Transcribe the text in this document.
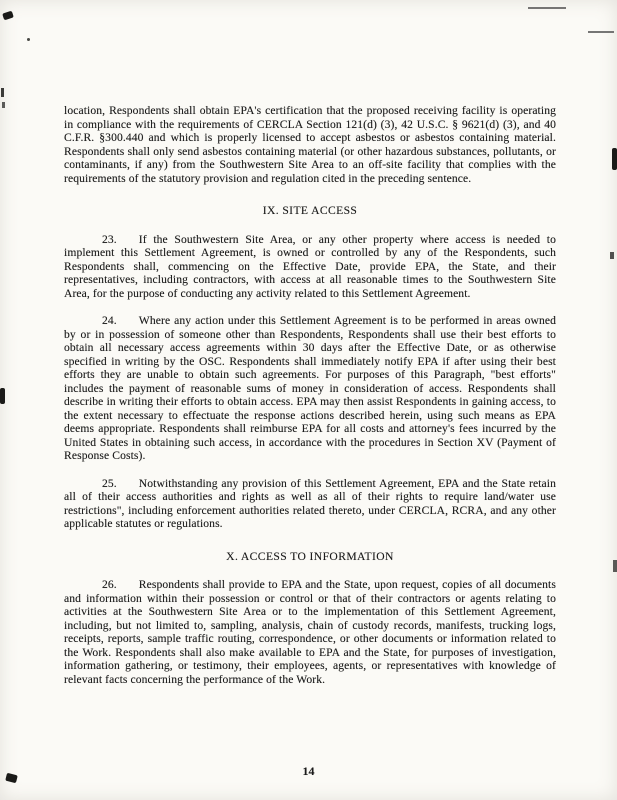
location, Respondents shall obtain EPA's certification that the proposed receiving facility is operating in compliance with the requirements of CERCLA Section 121(d) (3), 42 U.S.C. § 9621(d) (3), and 40 C.F.R. §300.440 and which is properly licensed to accept asbestos or asbestos containing material. Respondents shall only send asbestos containing material (or other hazardous substances, pollutants, or contaminants, if any) from the Southwestern Site Area to an off-site facility that complies with the requirements of the statutory provision and regulation cited in the preceding sentence.

IX. SITE ACCESS

23. If the Southwestern Site Area, or any other property where access is needed to implement this Settlement Agreement, is owned or controlled by any of the Respondents, such Respondents shall, commencing on the Effective Date, provide EPA, the State, and their representatives, including contractors, with access at all reasonable times to the Southwestern Site Area, for the purpose of conducting any activity related to this Settlement Agreement.

24. Where any action under this Settlement Agreement is to be performed in areas owned by or in possession of someone other than Respondents, Respondents shall use their best efforts to obtain all necessary access agreements within 30 days after the Effective Date, or as otherwise specified in writing by the OSC. Respondents shall immediately notify EPA if after using their best efforts they are unable to obtain such agreements. For purposes of this Paragraph, "best efforts" includes the payment of reasonable sums of money in consideration of access. Respondents shall describe in writing their efforts to obtain access. EPA may then assist Respondents in gaining access, to the extent necessary to effectuate the response actions described herein, using such means as EPA deems appropriate. Respondents shall reimburse EPA for all costs and attorney's fees incurred by the United States in obtaining such access, in accordance with the procedures in Section XV (Payment of Response Costs).

25. Notwithstanding any provision of this Settlement Agreement, EPA and the State retain all of their access authorities and rights as well as all of their rights to require land/water use restrictions", including enforcement authorities related thereto, under CERCLA, RCRA, and any other applicable statutes or regulations.

X. ACCESS TO INFORMATION

26. Respondents shall provide to EPA and the State, upon request, copies of all documents and information within their possession or control or that of their contractors or agents relating to activities at the Southwestern Site Area or to the implementation of this Settlement Agreement, including, but not limited to, sampling, analysis, chain of custody records, manifests, trucking logs, receipts, reports, sample traffic routing, correspondence, or other documents or information related to the Work. Respondents shall also make available to EPA and the State, for purposes of investigation, information gathering, or testimony, their employees, agents, or representatives with knowledge of relevant facts concerning the performance of the Work.

14
